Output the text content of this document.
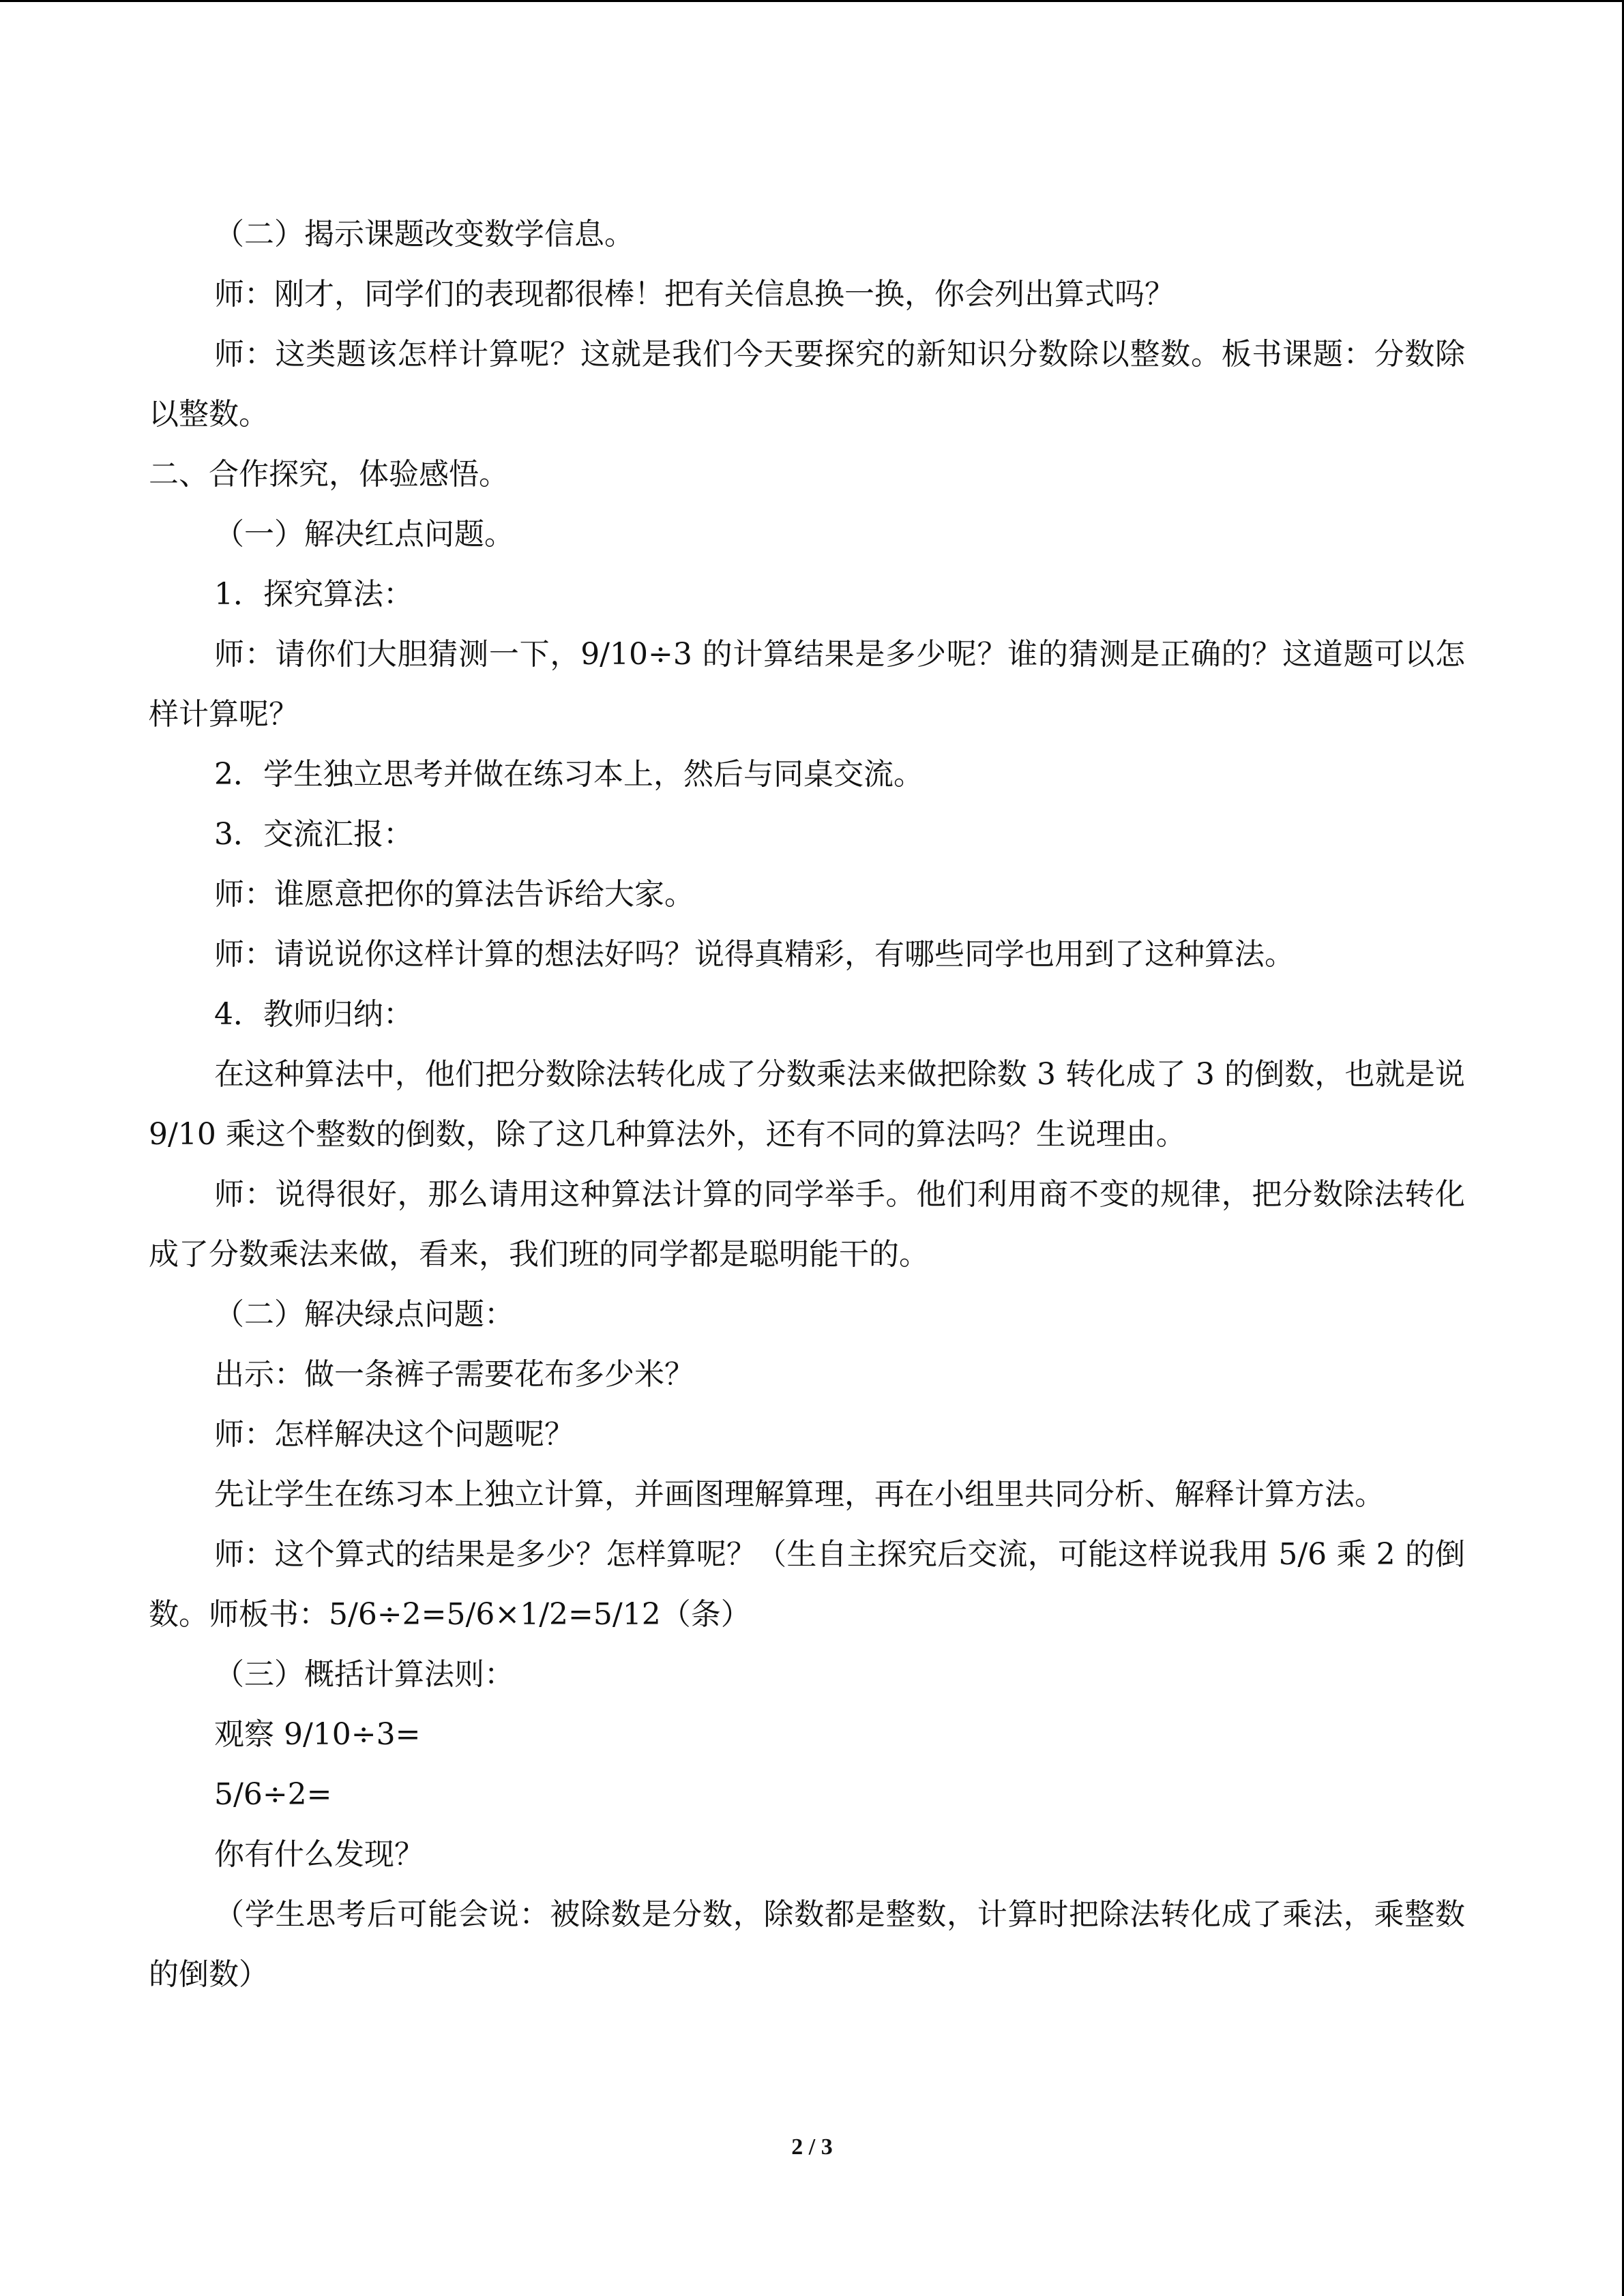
（二）揭示课题改变数学信息。

师：刚才，同学们的表现都很棒！把有关信息换一换，你会列出算式吗？

师：这类题该怎样计算呢？这就是我们今天要探究的新知识分数除以整数。板书课题：分数除以整数。

二、合作探究，体验感悟。

（一）解决红点问题。

1．探究算法：

师：请你们大胆猜测一下，9/10÷3 的计算结果是多少呢？谁的猜测是正确的？这道题可以怎样计算呢？

2．学生独立思考并做在练习本上，然后与同桌交流。

3．交流汇报：

师：谁愿意把你的算法告诉给大家。

师：请说说你这样计算的想法好吗？说得真精彩，有哪些同学也用到了这种算法。

4．教师归纳：

在这种算法中，他们把分数除法转化成了分数乘法来做把除数 3 转化成了 3 的倒数，也就是说 9/10 乘这个整数的倒数，除了这几种算法外，还有不同的算法吗？生说理由。

师：说得很好，那么请用这种算法计算的同学举手。他们利用商不变的规律，把分数除法转化成了分数乘法来做，看来，我们班的同学都是聪明能干的。

（二）解决绿点问题：

出示：做一条裤子需要花布多少米？

师：怎样解决这个问题呢？

先让学生在练习本上独立计算，并画图理解算理，再在小组里共同分析、解释计算方法。

师：这个算式的结果是多少？怎样算呢？（生自主探究后交流，可能这样说我用 5/6 乘 2 的倒数。师板书：5/6÷2=5/6×1/2=5/12（条）

（三）概括计算法则：

观察 9/10÷3=

5/6÷2=

你有什么发现？

（学生思考后可能会说：被除数是分数，除数都是整数，计算时把除法转化成了乘法，乘整数的倒数）

2 / 3
